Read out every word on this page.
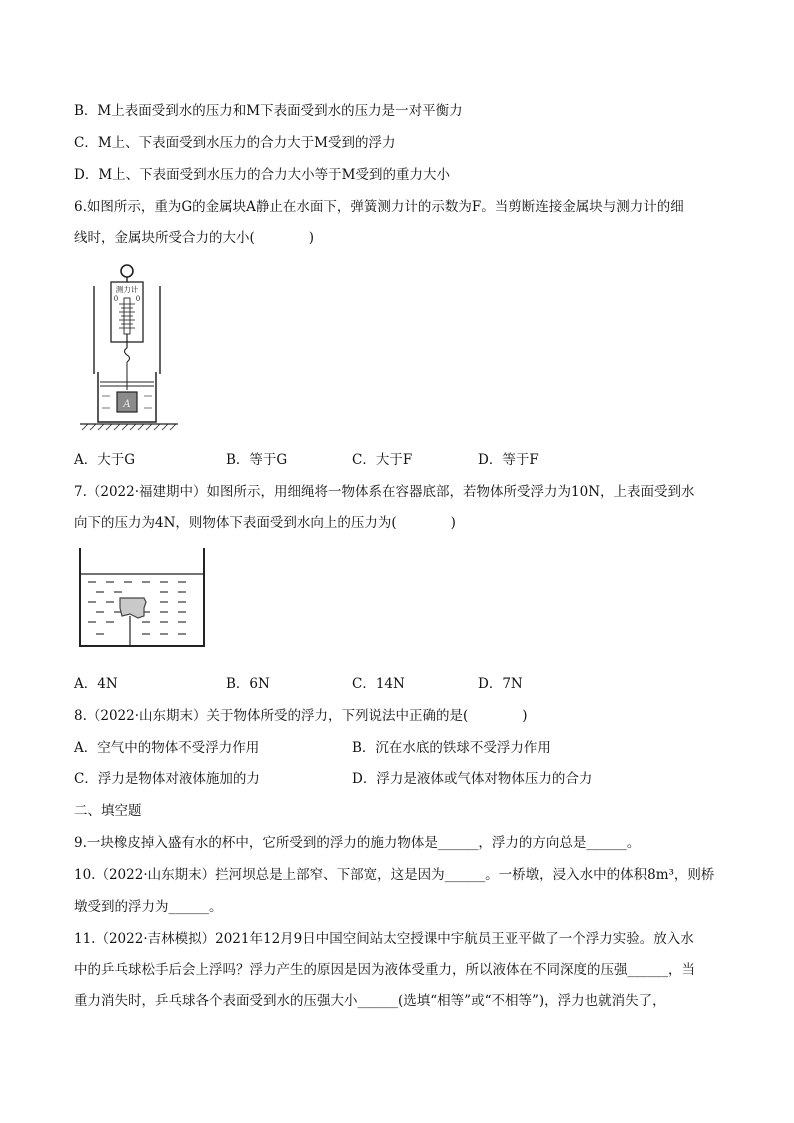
B．M上表面受到水的压力和M下表面受到水的压力是一对平衡力
C．M上、下表面受到水压力的合力大于M受到的浮力
D．M上、下表面受到水压力的合力大小等于M受到的重力大小
6.如图所示，重为G的金属块A静止在水面下，弹簧测力计的示数为F。当剪断连接金属块与测力计的细
线时，金属块所受合力的大小(　　　　)
测力计
0	0
A
A．大于G	B．等于G	C．大于F	D．等于F
7.（2022·福建期中）如图所示，用细绳将一物体系在容器底部，若物体所受浮力为10N，上表面受到水
向下的压力为4N，则物体下表面受到水向上的压力为(　　　　)
A．4N	B．6N	C．14N	D．7N
8.（2022·山东期末）关于物体所受的浮力，下列说法中正确的是(　　　　)
A．空气中的物体不受浮力作用	B．沉在水底的铁球不受浮力作用
C．浮力是物体对液体施加的力	D．浮力是液体或气体对物体压力的合力
二、填空题
9.一块橡皮掉入盛有水的杯中，它所受到的浮力的施力物体是______，浮力的方向总是______。
10.（2022·山东期末）拦河坝总是上部窄、下部宽，这是因为______。一桥墩，浸入水中的体积8m³，则桥
墩受到的浮力为______。
11.（2022·吉林模拟）2021年12月9日中国空间站太空授课中宇航员王亚平做了一个浮力实验。放入水
中的乒乓球松手后会上浮吗？浮力产生的原因是因为液体受重力，所以液体在不同深度的压强______，当
重力消失时，乒乓球各个表面受到水的压强大小______(选填“相等”或“不相等”)，浮力也就消失了，
